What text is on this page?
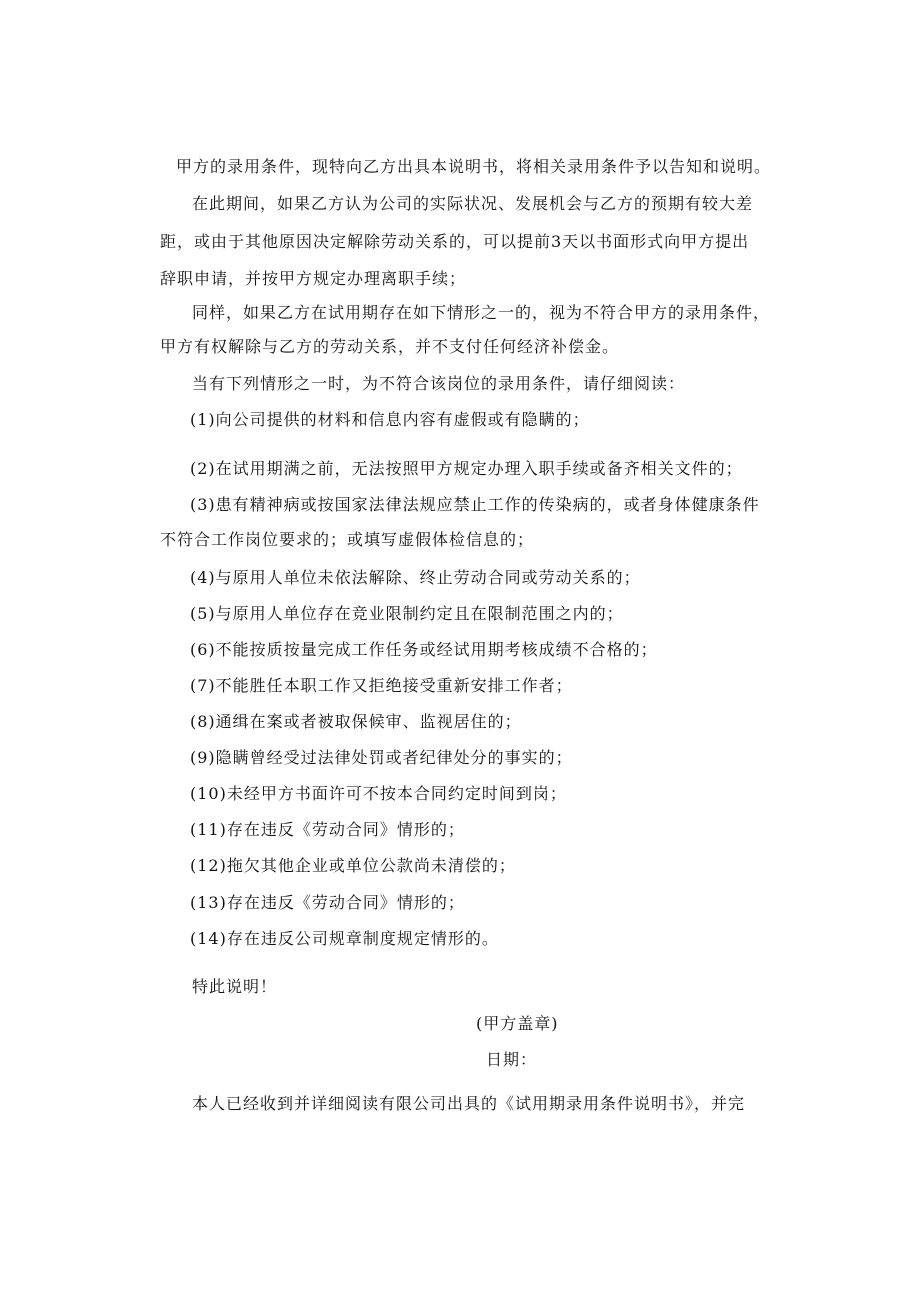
甲方的录用条件，现特向乙方出具本说明书，将相关录用条件予以告知和说明。
在此期间，如果乙方认为公司的实际状况、发展机会与乙方的预期有较大差
距，或由于其他原因决定解除劳动关系的，可以提前3天以书面形式向甲方提出
辞职申请，并按甲方规定办理离职手续；
同样，如果乙方在试用期存在如下情形之一的，视为不符合甲方的录用条件，
甲方有权解除与乙方的劳动关系，并不支付任何经济补偿金。
当有下列情形之一时，为不符合该岗位的录用条件，请仔细阅读：
(1)向公司提供的材料和信息内容有虚假或有隐瞒的；
(2)在试用期满之前，无法按照甲方规定办理入职手续或备齐相关文件的；
(3)患有精神病或按国家法律法规应禁止工作的传染病的，或者身体健康条件
不符合工作岗位要求的；或填写虚假体检信息的；
(4)与原用人单位未依法解除、终止劳动合同或劳动关系的；
(5)与原用人单位存在竞业限制约定且在限制范围之内的；
(6)不能按质按量完成工作任务或经试用期考核成绩不合格的；
(7)不能胜任本职工作又拒绝接受重新安排工作者；
(8)通缉在案或者被取保候审、监视居住的；
(9)隐瞒曾经受过法律处罚或者纪律处分的事实的；
(10)未经甲方书面许可不按本合同约定时间到岗；
(11)存在违反《劳动合同》情形的；
(12)拖欠其他企业或单位公款尚未清偿的；
(13)存在违反《劳动合同》情形的；
(14)存在违反公司规章制度规定情形的。
特此说明！
(甲方盖章)
日期：
本人已经收到并详细阅读有限公司出具的《试用期录用条件说明书》，并完
